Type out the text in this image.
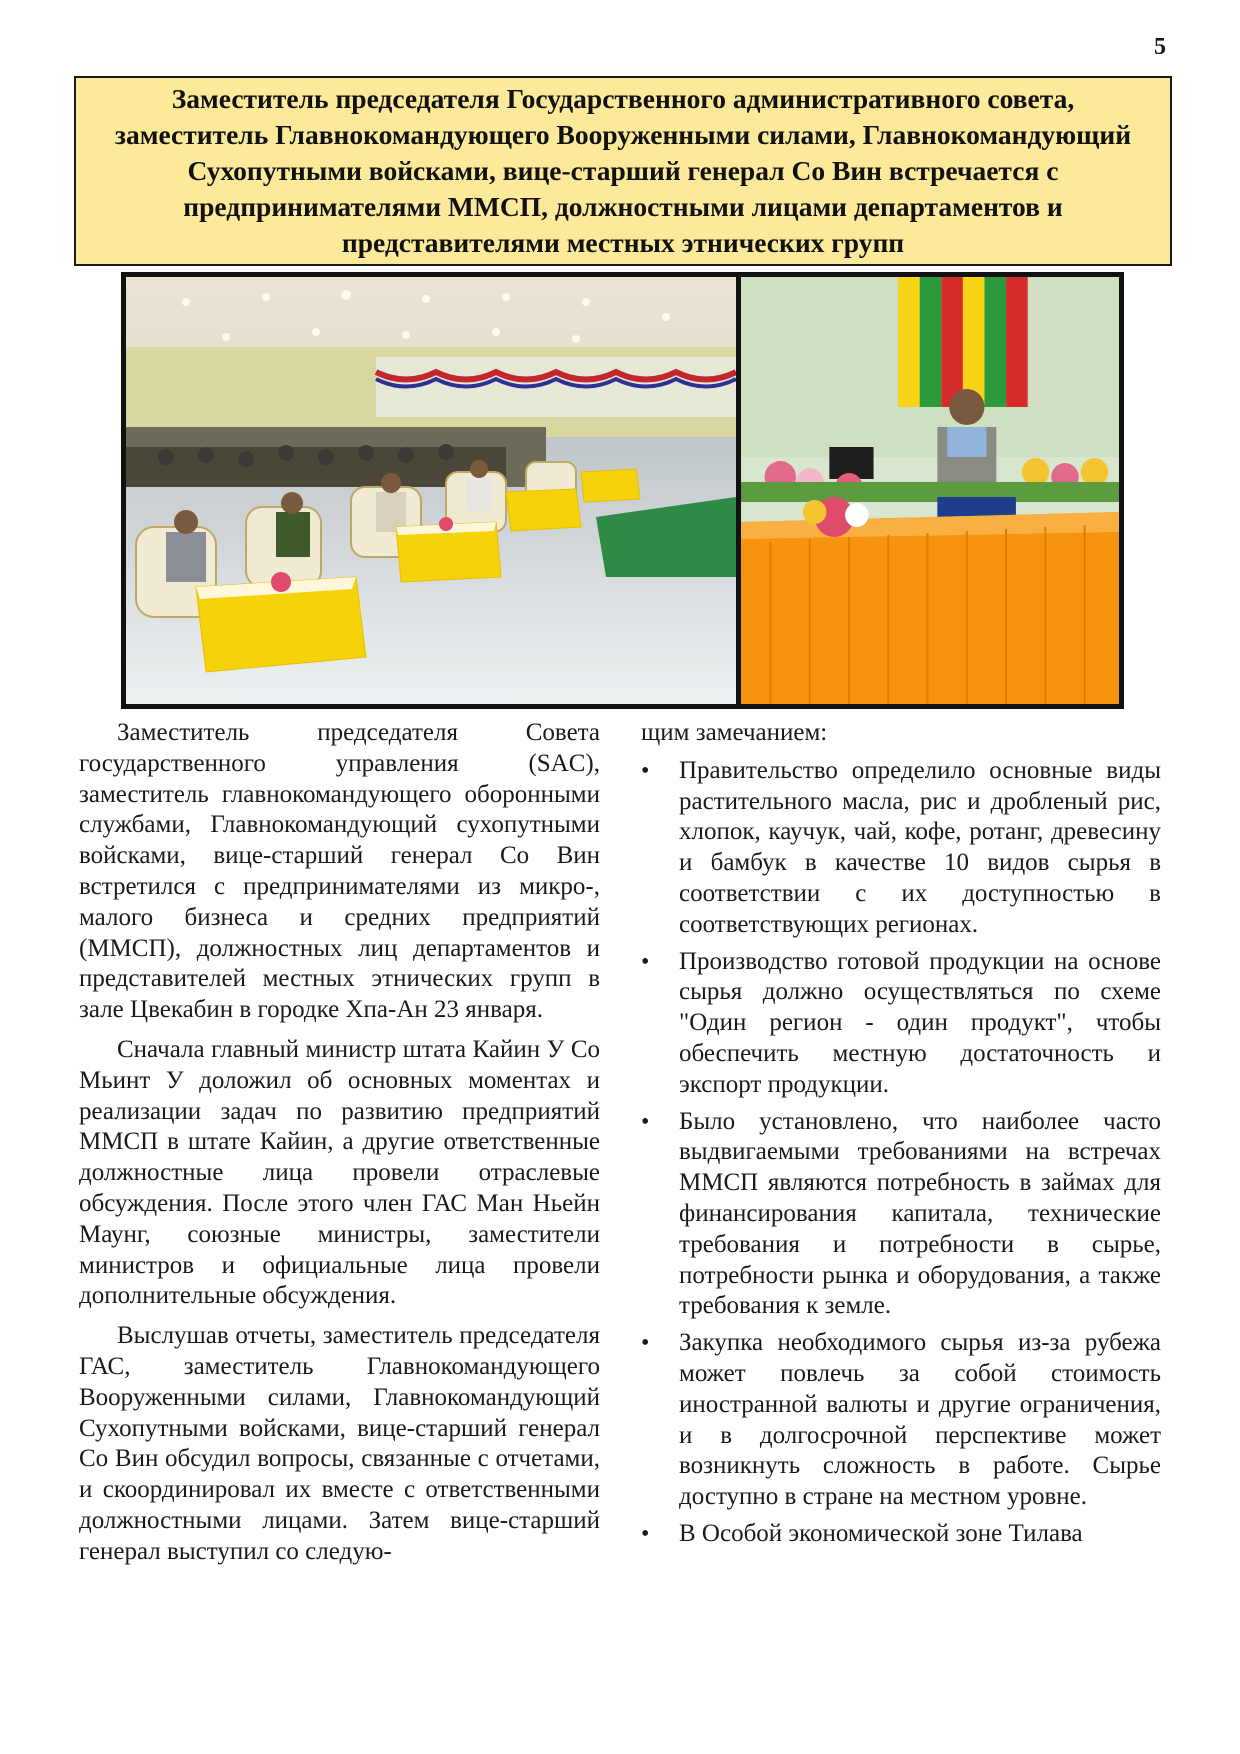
5
Заместитель председателя Государственного административного совета, заместитель Главнокомандующего Вооруженными силами, Главнокомандующий Сухопутными войсками, вице-старший генерал Со Вин встречается с предпринимателями ММСП, должностными лицами департаментов и представителями местных этнических групп

Заместитель председателя Совета государственного управления (SAC), заместитель главнокомандующего оборонными службами, Главнокомандующий сухопутными войсками, вице-старший генерал Со Вин встретился с предпринимателями из микро-, малого бизнеса и средних предприятий (ММСП), должностных лиц департаментов и представителей местных этнических групп в зале Цвекабин в городке Хпа-Ан 23 января.

Сначала главный министр штата Кайин У Со Мьинт У доложил об основных моментах и реализации задач по развитию предприятий ММСП в штате Кайин, а другие ответственные должностные лица провели отраслевые обсуждения. После этого член ГАС Ман Ньейн Маунг, союзные министры, заместители министров и официальные лица провели дополнительные обсуждения.

Выслушав отчеты, заместитель председателя ГАС, заместитель Главнокомандующего Вооруженными силами, Главнокомандующий Сухопутными войсками, вице-старший генерал Со Вин обсудил вопросы, связанные с отчетами, и скоординировал их вместе с ответственными должностными лицами. Затем вице-старший генерал выступил со следую-

щим замечанием:

• Правительство определило основные виды растительного масла, рис и дробленый рис, хлопок, каучук, чай, кофе, ротанг, древесину и бамбук в качестве 10 видов сырья в соответствии с их доступностью в соответствующих регионах.
• Производство готовой продукции на основе сырья должно осуществляться по схеме "Один регион - один продукт", чтобы обеспечить местную достаточность и экспорт продукции.
• Было установлено, что наиболее часто выдвигаемыми требованиями на встречах ММСП являются потребность в займах для финансирования капитала, технические требования и потребности в сырье, потребности рынка и оборудования, а также требования к земле.
• Закупка необходимого сырья из-за рубежа может повлечь за собой стоимость иностранной валюты и другие ограничения, и в долгосрочной перспективе может возникнуть сложность в работе. Сырье доступно в стране на местном уровне.
• В Особой экономической зоне Тилава
